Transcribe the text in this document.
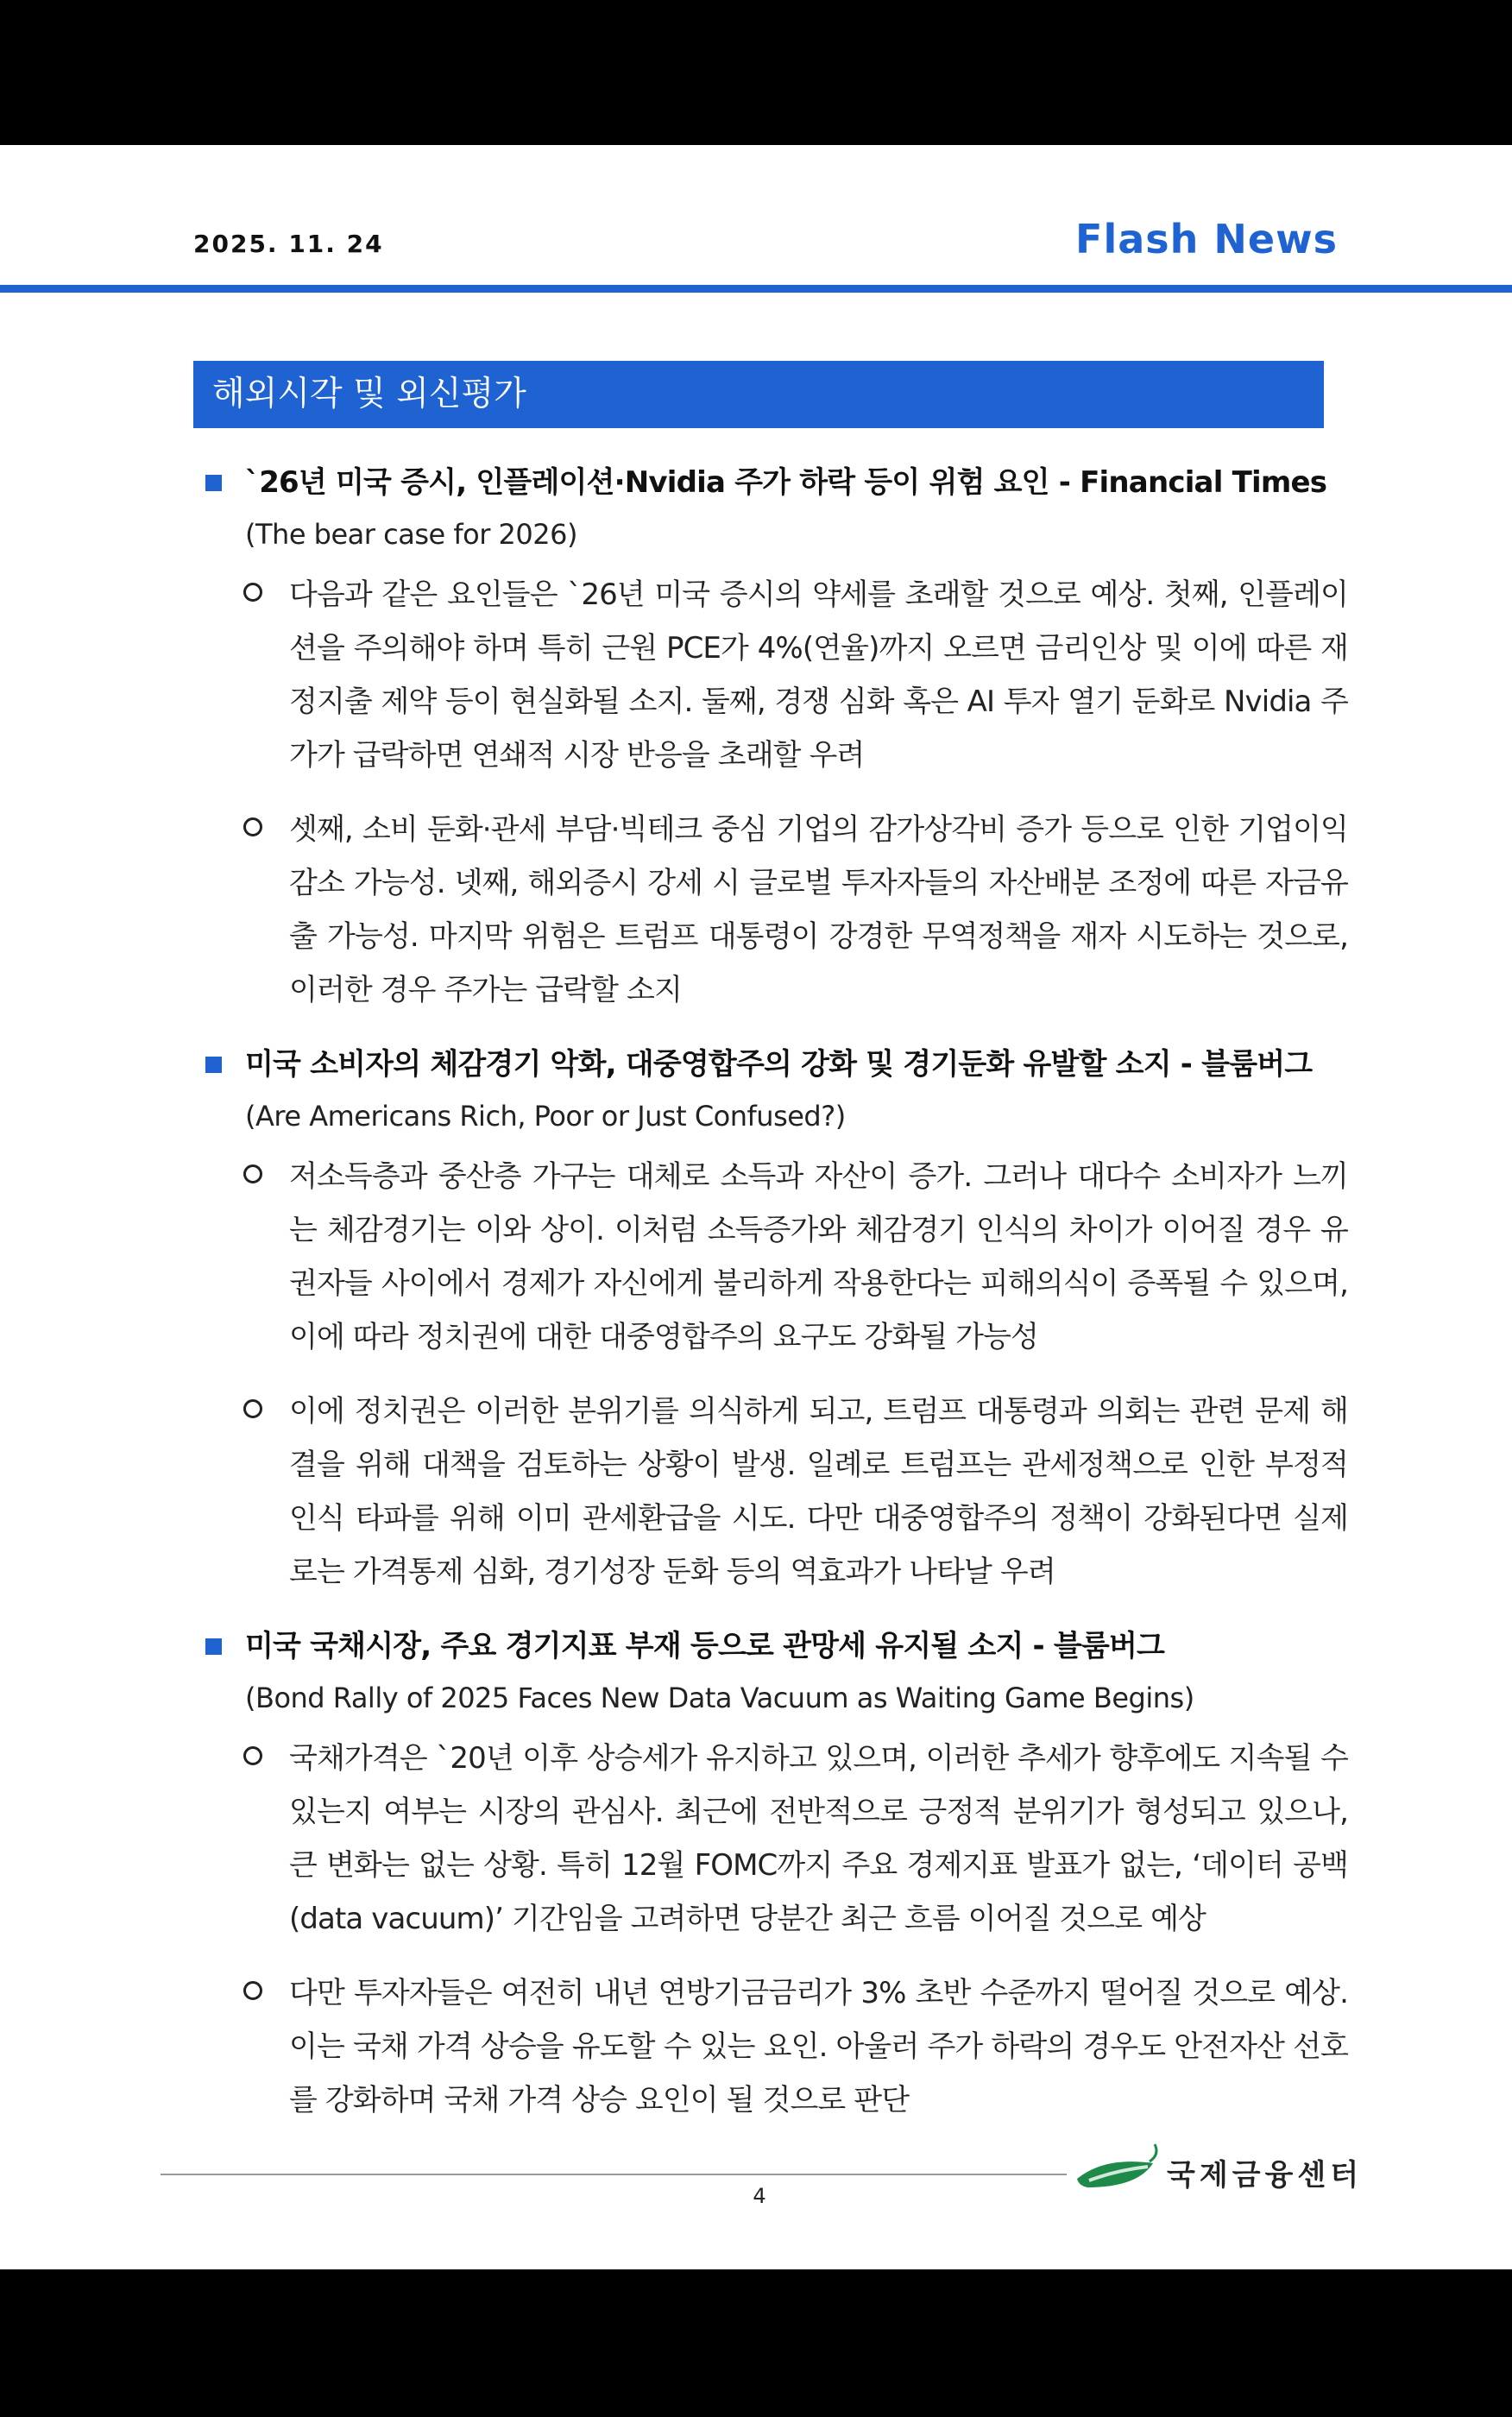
2025. 11. 24	Flash News
해외시각 및 외신평가
`26년 미국 증시, 인플레이션·Nvidia 주가 하락 등이 위험 요인 - Financial Times
(The bear case for 2026)
다음과 같은 요인들은 `26년 미국 증시의 약세를 초래할 것으로 예상. 첫째, 인플레이션을 주의해야 하며 특히 근원 PCE가 4%(연율)까지 오르면 금리인상 및 이에 따른 재정지출 제약 등이 현실화될 소지. 둘째, 경쟁 심화 혹은 AI 투자 열기 둔화로 Nvidia 주가가 급락하면 연쇄적 시장 반응을 초래할 우려
셋째, 소비 둔화·관세 부담·빅테크 중심 기업의 감가상각비 증가 등으로 인한 기업이익 감소 가능성. 넷째, 해외증시 강세 시 글로벌 투자자들의 자산배분 조정에 따른 자금유출 가능성. 마지막 위험은 트럼프 대통령이 강경한 무역정책을 재자 시도하는 것으로, 이러한 경우 주가는 급락할 소지
미국 소비자의 체감경기 악화, 대중영합주의 강화 및 경기둔화 유발할 소지 - 블룸버그
(Are Americans Rich, Poor or Just Confused?)
저소득층과 중산층 가구는 대체로 소득과 자산이 증가. 그러나 대다수 소비자가 느끼는 체감경기는 이와 상이. 이처럼 소득증가와 체감경기 인식의 차이가 이어질 경우 유권자들 사이에서 경제가 자신에게 불리하게 작용한다는 피해의식이 증폭될 수 있으며, 이에 따라 정치권에 대한 대중영합주의 요구도 강화될 가능성
이에 정치권은 이러한 분위기를 의식하게 되고, 트럼프 대통령과 의회는 관련 문제 해결을 위해 대책을 검토하는 상황이 발생. 일례로 트럼프는 관세정책으로 인한 부정적 인식 타파를 위해 이미 관세환급을 시도. 다만 대중영합주의 정책이 강화된다면 실제로는 가격통제 심화, 경기성장 둔화 등의 역효과가 나타날 우려
미국 국채시장, 주요 경기지표 부재 등으로 관망세 유지될 소지 - 블룸버그
(Bond Rally of 2025 Faces New Data Vacuum as Waiting Game Begins)
국채가격은 `20년 이후 상승세가 유지하고 있으며, 이러한 추세가 향후에도 지속될 수 있는지 여부는 시장의 관심사. 최근에 전반적으로 긍정적 분위기가 형성되고 있으나, 큰 변화는 없는 상황. 특히 12월 FOMC까지 주요 경제지표 발표가 없는, ‘데이터 공백(data vacuum)’ 기간임을 고려하면 당분간 최근 흐름 이어질 것으로 예상
다만 투자자들은 여전히 내년 연방기금금리가 3% 초반 수준까지 떨어질 것으로 예상. 이는 국채 가격 상승을 유도할 수 있는 요인. 아울러 주가 하락의 경우도 안전자산 선호를 강화하며 국채 가격 상승 요인이 될 것으로 판단
국제금융센터
4
